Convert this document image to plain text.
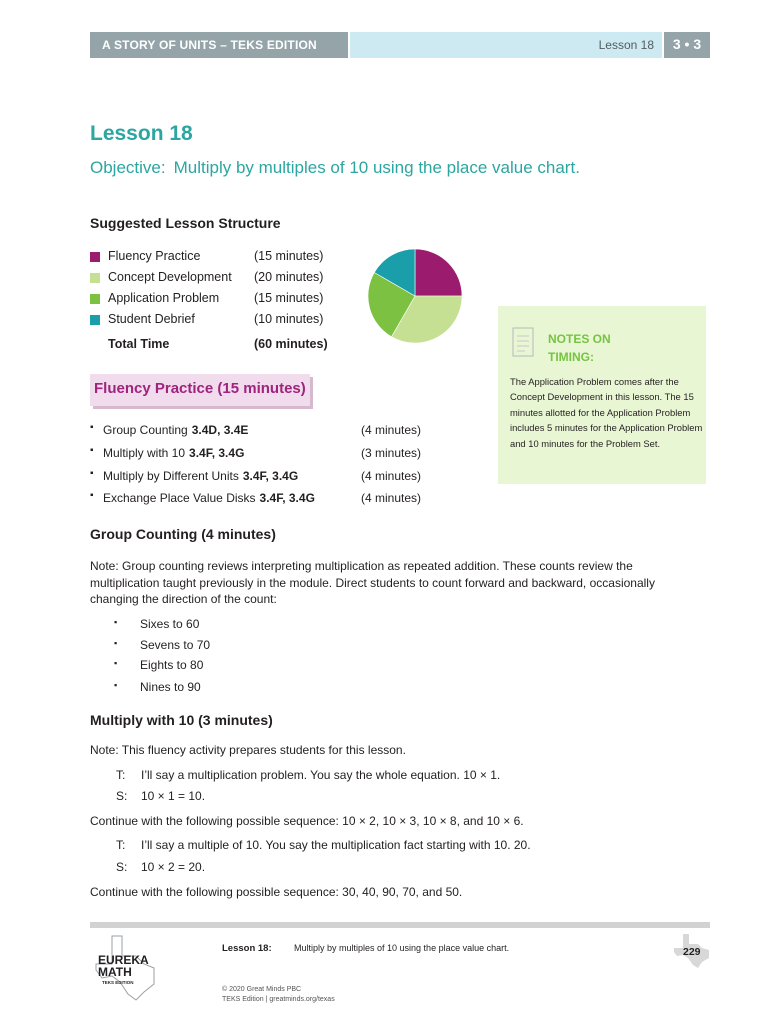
A STORY OF UNITS – TEKS EDITION	Lesson 18	3 • 3
Lesson 18
Objective: Multiply by multiples of 10 using the place value chart.
Suggested Lesson Structure
Fluency Practice	(15 minutes)
Concept Development (20 minutes)
Application Problem	(15 minutes)
Student Debrief	(10 minutes)
Total Time	(60 minutes)	NOTES ON TIMING:
The Application Problem comes after the Concept Development in this lesson. The 15 minutes allotted for the Application Problem includes 5 minutes for the Application Problem and 10 minutes for the Problem Set.
Fluency Practice (15 minutes)
▪ Group Counting 3.4D, 3.4E	(4 minutes)
▪ Multiply with 10 3.4F, 3.4G	(3 minutes)
▪ Multiply by Different Units 3.4F, 3.4G	(4 minutes)
▪ Exchange Place Value Disks 3.4F, 3.4G	(4 minutes)
Group Counting (4 minutes)
Note: Group counting reviews interpreting multiplication as repeated addition. These counts review the
multiplication taught previously in the module. Direct students to count forward and backward, occasionally
changing the direction of the count:
▪ Sixes to 60
▪ Sevens to 70
▪ Eights to 80
▪ Nines to 90
Multiply with 10 (3 minutes)
Note: This fluency activity prepares students for this lesson.
T: I’ll say a multiplication problem. You say the whole equation. 10 × 1.
S: 10 × 1 = 10.
Continue with the following possible sequence: 10 × 2, 10 × 3, 10 × 8, and 10 × 6.
T: I’ll say a multiple of 10. You say the multiplication fact starting with 10. 20.
S: 10 × 2 = 20.
Continue with the following possible sequence: 30, 40, 90, 70, and 50.
EUREKA
MATH
TEKS EDITION
Lesson 18: Multiply by multiples of 10 using the place value chart.
© 2020 Great Minds PBC
TEKS Edition | greatminds.org/texas
229
